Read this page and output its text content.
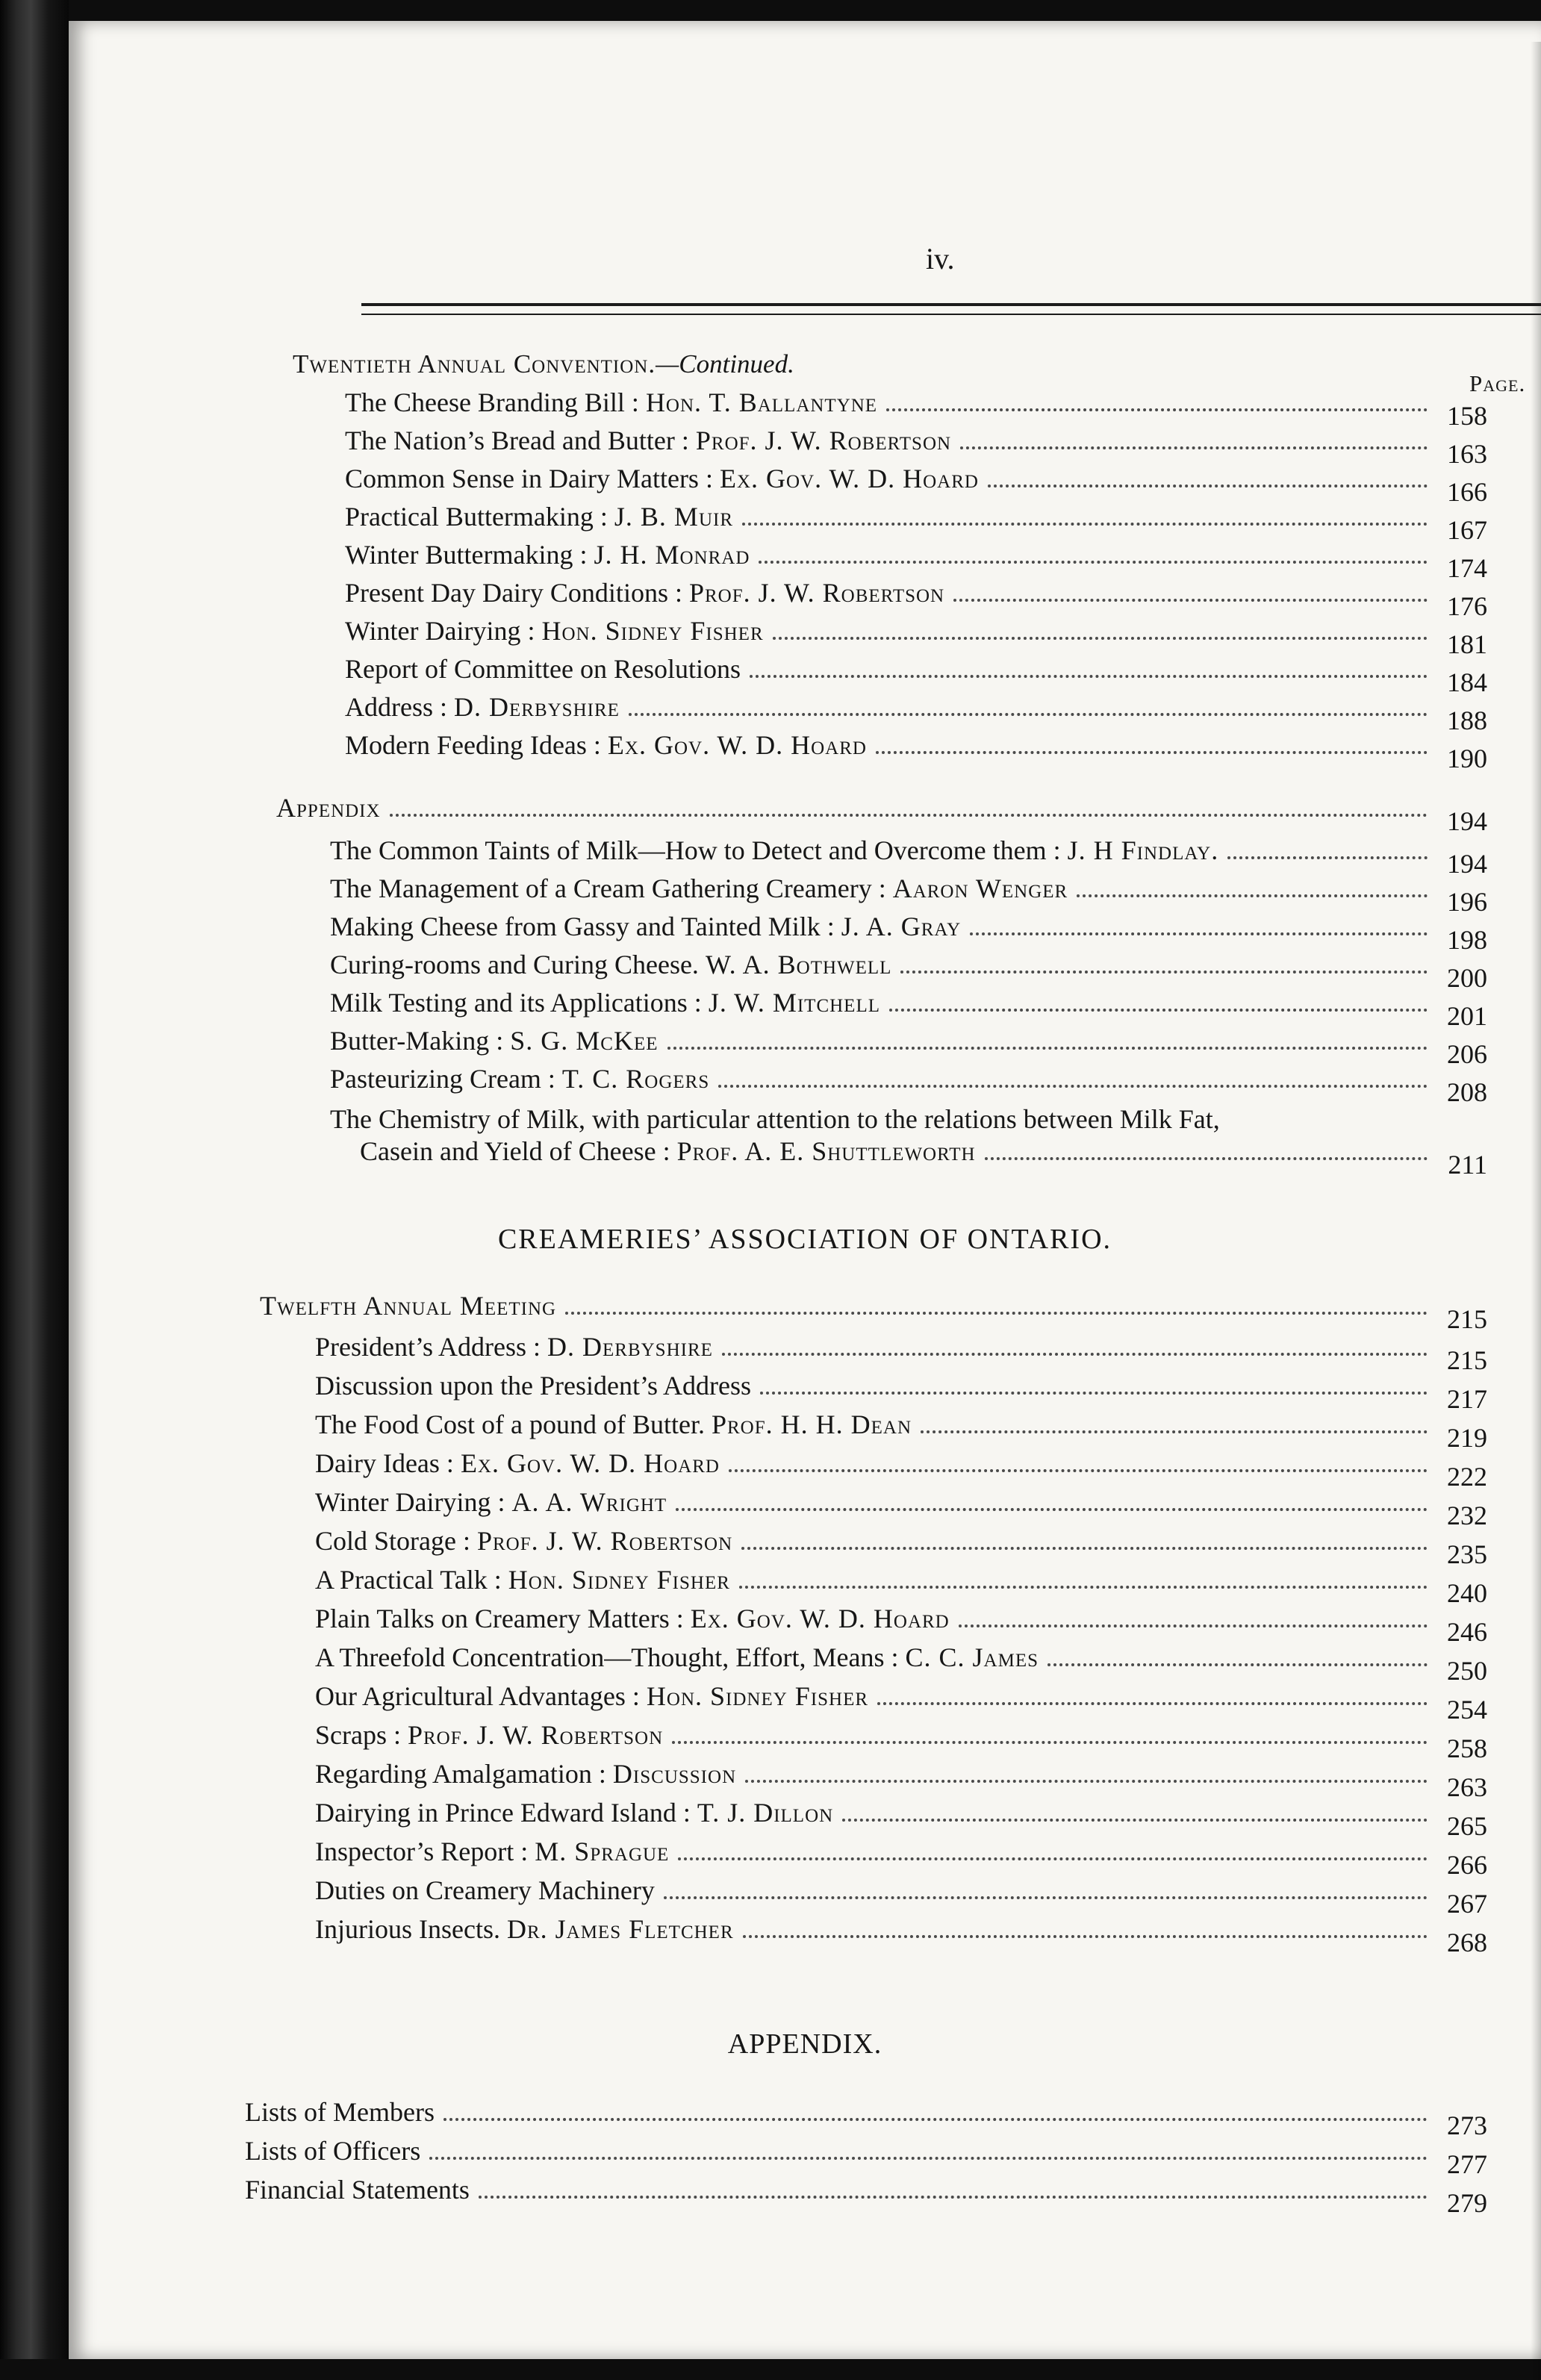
iv.
Page.
Twentieth Annual Convention. —Continued.
The Cheese Branding Bill : Hon. T. Ballantyne	158
The Nation’s Bread and Butter : Prof. J. W. Robertson	163
Common Sense in Dairy Matters : Ex. Gov. W. D. Hoard	166
Practical Buttermaking : J. B. Muir	167
Winter Buttermaking : J. H. Monrad	174
Present Day Dairy Conditions : Prof. J. W. Robertson	176
Winter Dairying : Hon. Sidney Fisher	181
Report of Committee on Resolutions	184
Address : D. Derbyshire	188
Modern Feeding Ideas : Ex. Gov. W. D. Hoard	190
Appendix	194
The Common Taints of Milk—How to Detect and Overcome them : J. H Findlay.	194
The Management of a Cream Gathering Creamery : Aaron Wenger	196
Making Cheese from Gassy and Tainted Milk : J. A. Gray	198
Curing-rooms and Curing Cheese. W. A. Bothwell	200
Milk Testing and its Applications : J. W. Mitchell	201
Butter-Making : S. G. McKee	206
Pasteurizing Cream : T. C. Rogers	208
The Chemistry of Milk, with particular attention to the relations between Milk Fat,
Casein and Yield of Cheese : Prof. A. E. Shuttleworth	211
CREAMERIES’ ASSOCIATION OF ONTARIO.
Twelfth Annual Meeting	215
President’s Address : D. Derbyshire	215
Discussion upon the President’s Address	217
The Food Cost of a pound of Butter. Prof. H. H. Dean	219
Dairy Ideas : Ex. Gov. W. D. Hoard	222
Winter Dairying : A. A. Wright	232
Cold Storage : Prof. J. W. Robertson	235
A Practical Talk : Hon. Sidney Fisher	240
Plain Talks on Creamery Matters : Ex. Gov. W. D. Hoard	246
A Threefold Concentration—Thought, Effort, Means : C. C. James	250
Our Agricultural Advantages : Hon. Sidney Fisher	254
Scraps : Prof. J. W. Robertson	258
Regarding Amalgamation : Discussion	263
Dairying in Prince Edward Island : T. J. Dillon	265
Inspector’s Report : M. Sprague	266
Duties on Creamery Machinery	267
Injurious Insects. Dr. James Fletcher	268
APPENDIX.
Lists of Members	273
Lists of Officers	277
Financial Statements	279
